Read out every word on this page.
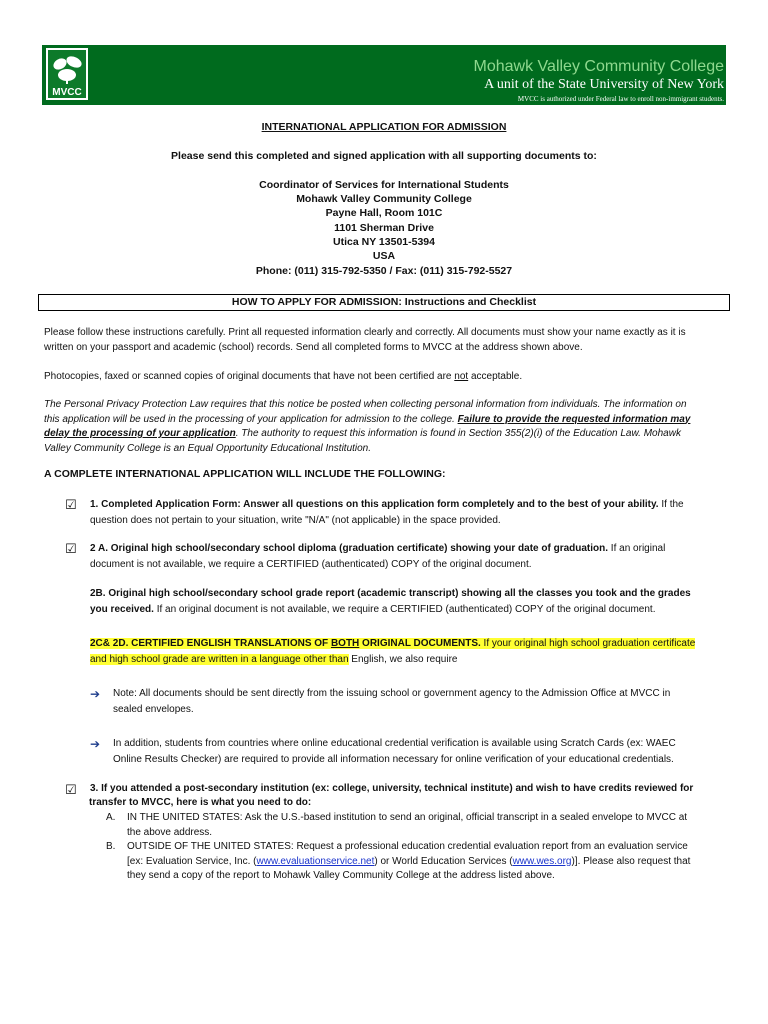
MVCC
Mohawk Valley Community College
A unit of the State University of New York
MVCC is authorized under Federal law to enroll non-immigrant students.
INTERNATIONAL APPLICATION FOR ADMISSION
Please send this completed and signed application with all supporting documents to:
Coordinator of Services for International Students
Mohawk Valley Community College
Payne Hall, Room 101C
1101 Sherman Drive
Utica NY 13501-5394
USA
Phone: (011) 315-792-5350 / Fax: (011) 315-792-5527
HOW TO APPLY FOR ADMISSION: Instructions and Checklist
Please follow these instructions carefully. Print all requested information clearly and correctly. All documents must show your name exactly as it is
written on your passport and academic (school) records. Send all completed forms to MVCC at the address shown above.
Photocopies, faxed or scanned copies of original documents that have not been certified are not acceptable.
The Personal Privacy Protection Law requires that this notice be posted when collecting personal information from individuals. The information on
this application will be used in the processing of your application for admission to the college. Failure to provide the requested information may
delay the processing of your application. The authority to request this information is found in Section 355(2)(i) of the Education Law. Mohawk
Valley Community College is an Equal Opportunity Educational Institution.
A COMPLETE INTERNATIONAL APPLICATION WILL INCLUDE THE FOLLOWING:
☑ 1. Completed Application Form: Answer all questions on this application form completely and to the best of your ability. If the
question does not pertain to your situation, write "N/A" (not applicable) in the space provided.
☑ 2 A. Original high school/secondary school diploma (graduation certificate) showing your date of graduation. If an original
document is not available, we require a CERTIFIED (authenticated) COPY of the original document.
2B. Original high school/secondary school grade report (academic transcript) showing all the classes you took and the grades
you received. If an original document is not available, we require a CERTIFIED (authenticated) COPY of the original document.
2C& 2D. CERTIFIED ENGLISH TRANSLATIONS OF BOTH ORIGINAL DOCUMENTS. If your original high school graduation certificate
and high school grade are written in a language other than English, we also require
➔ Note: All documents should be sent directly from the issuing school or government agency to the Admission Office at MVCC in
sealed envelopes.
➔ In addition, students from countries where online educational credential verification is available using Scratch Cards (ex: WAEC
Online Results Checker) are required to provide all information necessary for online verification of your educational credentials.
☑ 3. If you attended a post-secondary institution (ex: college, university, technical institute) and wish to have credits reviewed for
transfer to MVCC, here is what you need to do:
A. IN THE UNITED STATES: Ask the U.S.-based institution to send an original, official transcript in a sealed envelope to MVCC at
the above address.
B. OUTSIDE OF THE UNITED STATES: Request a professional education credential evaluation report from an evaluation service
[ex: Evaluation Service, Inc. (www.evaluationservice.net) or World Education Services (www.wes.org)]. Please also request that
they send a copy of the report to Mohawk Valley Community College at the address listed above.
